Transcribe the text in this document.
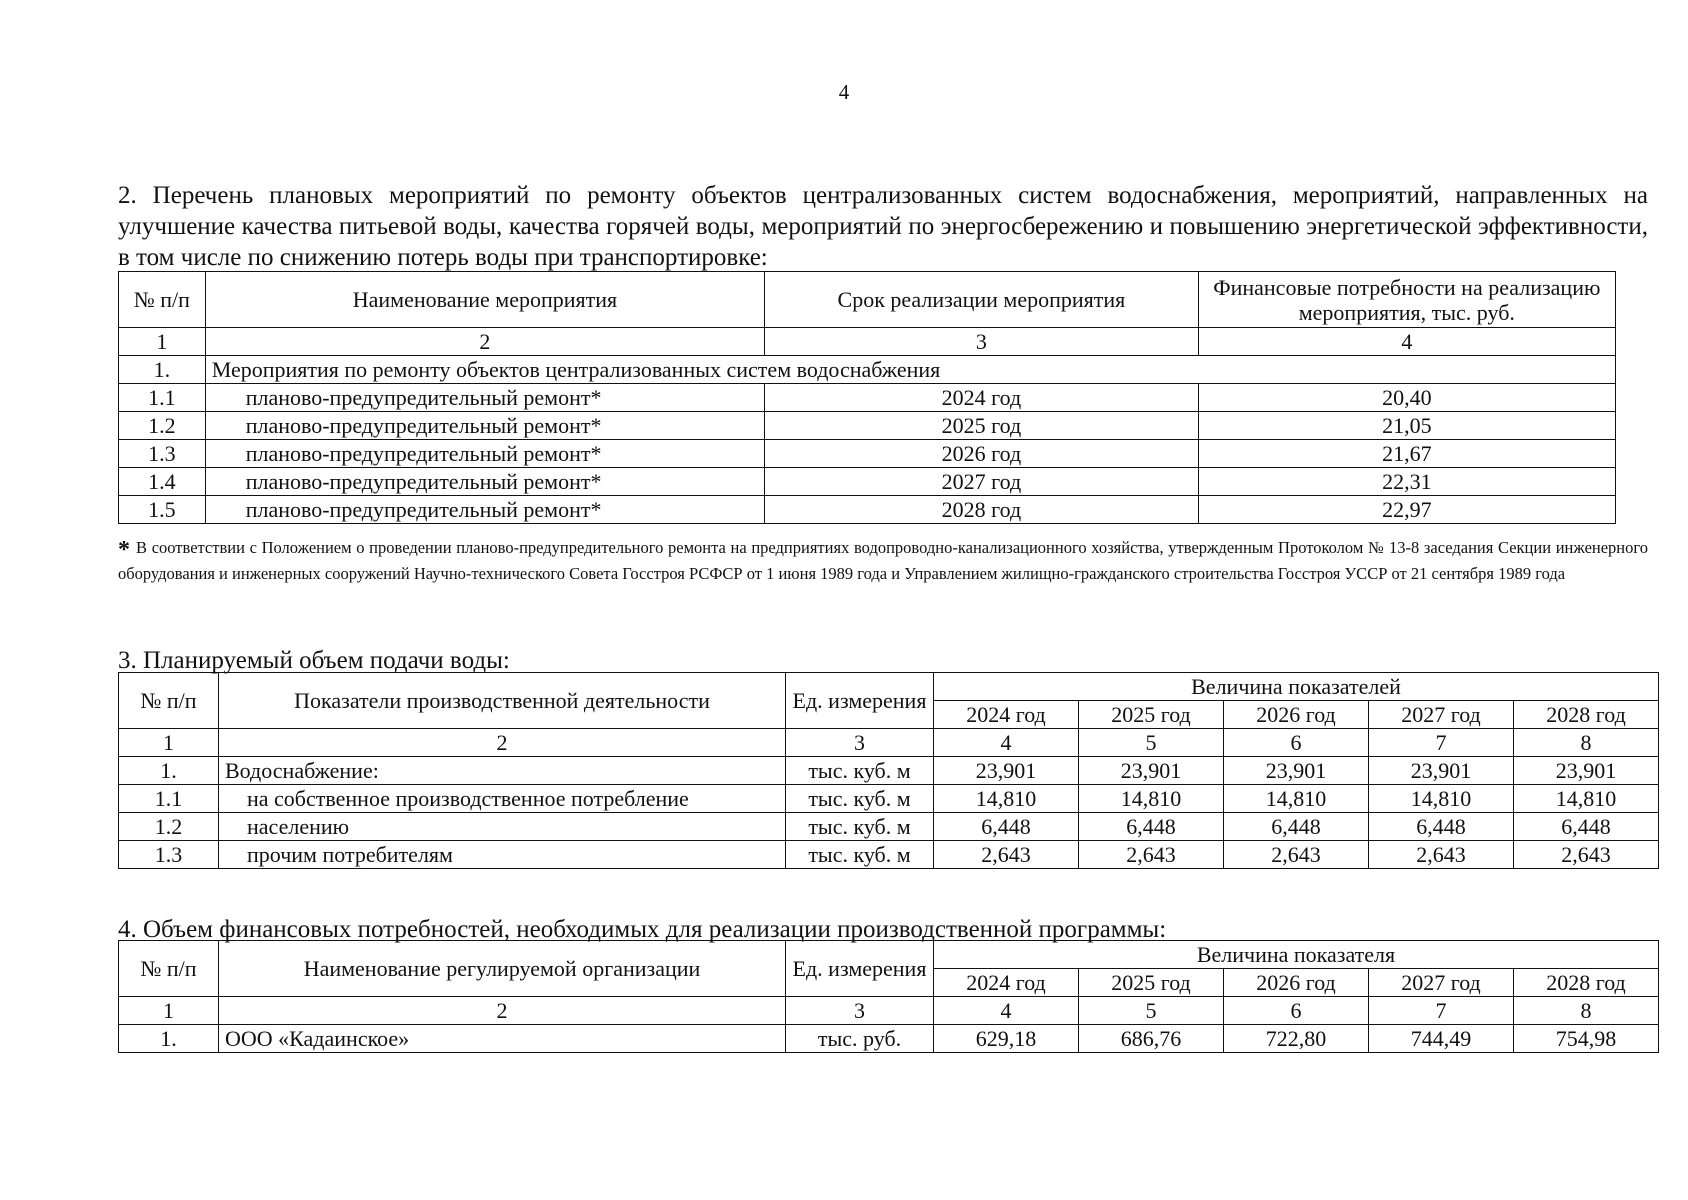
4
2. Перечень плановых мероприятий по ремонту объектов централизованных систем водоснабжения, мероприятий, направленных на улучшение качества питьевой воды, качества горячей воды, мероприятий по энергосбережению и повышению энергетической эффективности, в том числе по снижению потерь воды при транспортировке:
№ п/п	Наименование мероприятия	Срок реализации мероприятия	Финансовые потребности на реализацию мероприятия, тыс. руб.
1	2	3	4
1.	Мероприятия по ремонту объектов централизованных систем водоснабжения		
1.1	планово-предупредительный ремонт*	2024 год	20,40
1.2	планово-предупредительный ремонт*	2025 год	21,05
1.3	планово-предупредительный ремонт*	2026 год	21,67
1.4	планово-предупредительный ремонт*	2027 год	22,31
1.5	планово-предупредительный ремонт*	2028 год	22,97
* В соответствии с Положением о проведении планово-предупредительного ремонта на предприятиях водопроводно-канализационного хозяйства, утвержденным Протоколом № 13-8 заседания Секции инженерного оборудования и инженерных сооружений Научно-технического Совета Госстроя РСФСР от 1 июня 1989 года и Управлением жилищно-гражданского строительства Госстроя УССР от 21 сентября 1989 года
3. Планируемый объем подачи воды:
№ п/п	Показатели производственной деятельности	Ед. измерения	Величина показателей				
			2024 год	2025 год	2026 год	2027 год	2028 год
1	2	3	4	5	6	7	8
1.	Водоснабжение:	тыс. куб. м	23,901	23,901	23,901	23,901	23,901
1.1	на собственное производственное потребление	тыс. куб. м	14,810	14,810	14,810	14,810	14,810
1.2	населению	тыс. куб. м	6,448	6,448	6,448	6,448	6,448
1.3	прочим потребителям	тыс. куб. м	2,643	2,643	2,643	2,643	2,643
4. Объем финансовых потребностей, необходимых для реализации производственной программы:
№ п/п	Наименование регулируемой организации	Ед. измерения	Величина показателя				
			2024 год	2025 год	2026 год	2027 год	2028 год
1	2	3	4	5	6	7	8
1.	ООО «Кадаинское»	тыс. руб.	629,18	686,76	722,80	744,49	754,98
